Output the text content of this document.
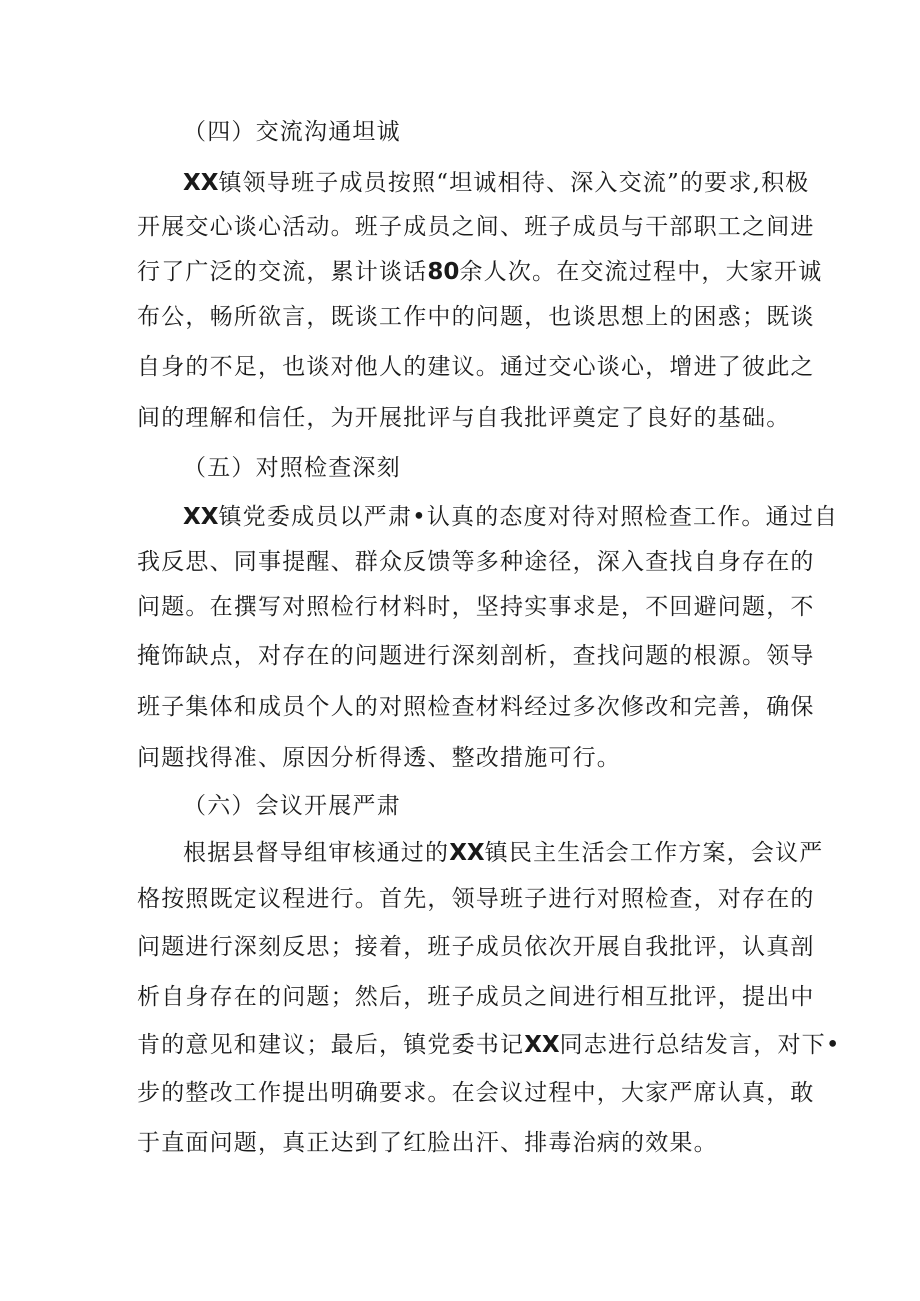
（四）交流沟通坦诚
XX镇领导班子成员按照“坦诚相待、深入交流”的要求,积极
开展交心谈心活动。班子成员之间、班子成员与干部职工之间进
行了广泛的交流，累计谈话80余人次。在交流过程中，大家开诚
布公，畅所欲言，既谈工作中的问题，也谈思想上的困惑；既谈
自身的不足，也谈对他人的建议。通过交心谈心，增进了彼此之
间的理解和信任，为开展批评与自我批评奠定了良好的基础。
（五）对照检查深刻
XX镇党委成员以严肃•认真的态度对待对照检查工作。通过自
我反思、同事提醒、群众反馈等多种途径，深入查找自身存在的
问题。在撰写对照检行材料时，坚持实事求是，不回避问题，不
掩饰缺点，对存在的问题进行深刻剖析，查找问题的根源。领导
班子集体和成员个人的对照检查材料经过多次修改和完善，确保
问题找得准、原因分析得透、整改措施可行。
（六）会议开展严肃
根据县督导组审核通过的XX镇民主生活会工作方案，会议严
格按照既定议程进行。首先，领导班子进行对照检查，对存在的
问题进行深刻反思；接着，班子成员依次开展自我批评，认真剖
析自身存在的问题；然后，班子成员之间进行相互批评，提出中
肯的意见和建议；最后，镇党委书记XX同志进行总结发言，对下•
步的整改工作提出明确要求。在会议过程中，大家严席认真，敢
于直面问题，真正达到了红脸出汗、排毒治病的效果。
